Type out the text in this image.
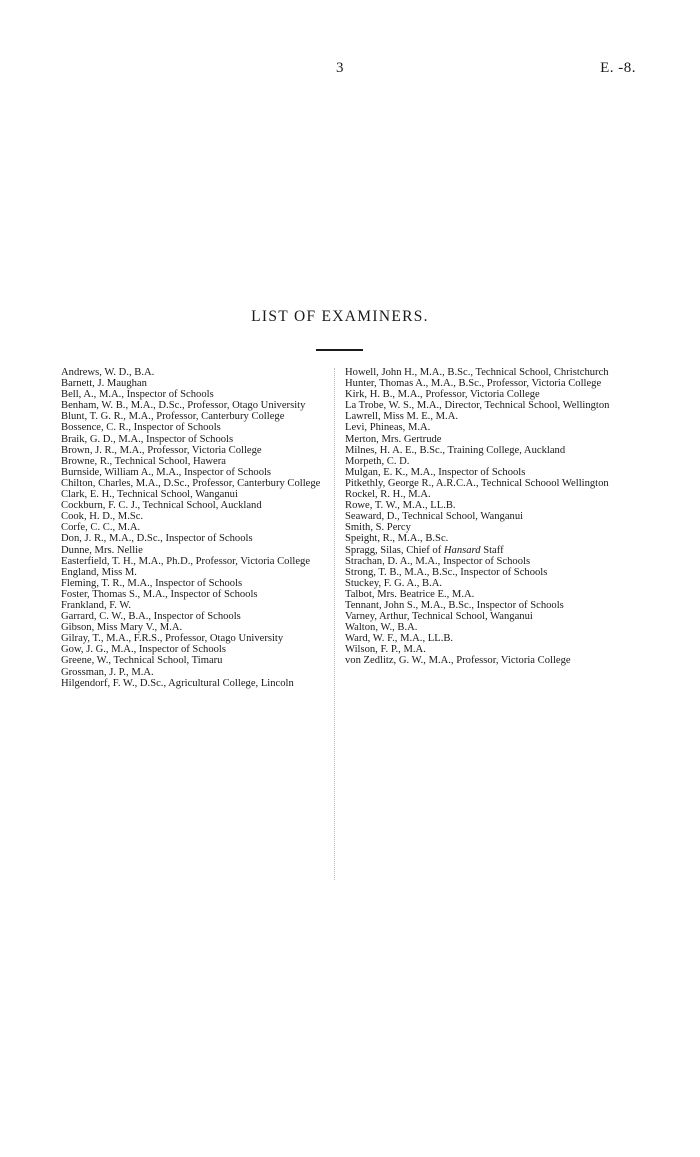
3	E. -8.
LIST OF EXAMINERS.
Andrews, W. D., B.A.
Barnett, J. Maughan
Bell, A., M.A., Inspector of Schools
Benham, W. B., M.A., D.Sc., Professor, Otago University
Blunt, T. G. R., M.A., Professor, Canterbury College
Bossence, C. R., Inspector of Schools
Braik, G. D., M.A., Inspector of Schools
Brown, J. R., M.A., Professor, Victoria College
Browne, R., Technical School, Hawera
Burnside, William A., M.A., Inspector of Schools
Chilton, Charles, M.A., D.Sc., Professor, Canterbury College
Clark, E. H., Technical School, Wanganui
Cockburn, F. C. J., Technical School, Auckland
Cook, H. D., M.Sc.
Corfe, C. C., M.A.
Don, J. R., M.A., D.Sc., Inspector of Schools
Dunne, Mrs. Nellie
Easterfield, T. H., M.A., Ph.D., Professor, Victoria College
England, Miss M.
Fleming, T. R., M.A., Inspector of Schools
Foster, Thomas S., M.A., Inspector of Schools
Frankland, F. W.
Garrard, C. W., B.A., Inspector of Schools
Gibson, Miss Mary V., M.A.
Gilray, T., M.A., F.R.S., Professor, Otago University
Gow, J. G., M.A., Inspector of Schools
Greene, W., Technical School, Timaru
Grossman, J. P., M.A.
Hilgendorf, F. W., D.Sc., Agricultural College, Lincoln
Howell, John H., M.A., B.Sc., Technical School, Christchurch
Hunter, Thomas A., M.A., B.Sc., Professor, Victoria College
Kirk, H. B., M.A., Professor, Victoria College
La Trobe, W. S., M.A., Director, Technical School, Wellington
Lawrell, Miss M. E., M.A.
Levi, Phineas, M.A.
Merton, Mrs. Gertrude
Milnes, H. A. E., B.Sc., Training College, Auckland
Morpeth, C. D.
Mulgan, E. K., M.A., Inspector of Schools
Pitkethly, George R., A.R.C.A., Technical Schoool Wellington
Rockel, R. H., M.A.
Rowe, T. W., M.A., LL.B.
Seaward, D., Technical School, Wanganui
Smith, S. Percy
Speight, R., M.A., B.Sc.
Spragg, Silas, Chief of Hansard Staff
Strachan, D. A., M.A., Inspector of Schools
Strong, T. B., M.A., B.Sc., Inspector of Schools
Stuckey, F. G. A., B.A.
Talbot, Mrs. Beatrice E., M.A.
Tennant, John S., M.A., B.Sc., Inspector of Schools
Varney, Arthur, Technical School, Wanganui
Walton, W., B.A.
Ward, W. F., M.A., LL.B.
Wilson, F. P., M.A.
von Zedlitz, G. W., M.A., Professor, Victoria College
